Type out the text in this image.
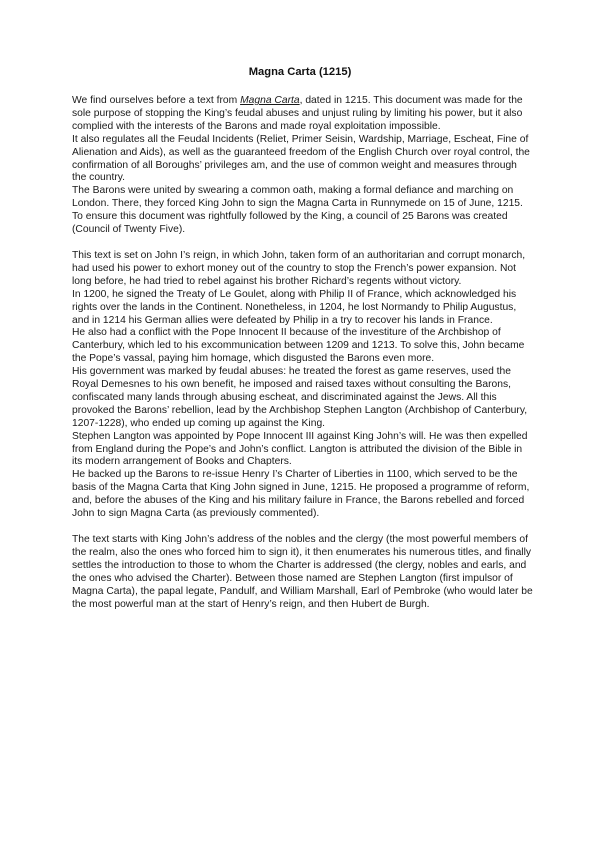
Magna Carta (1215)

We find ourselves before a text from Magna Carta, dated in 1215. This document was made for the sole purpose of stopping the King’s feudal abuses and unjust ruling by limiting his power, but it also complied with the interests of the Barons and made royal exploitation impossible.

It also regulates all the Feudal Incidents (Reliet, Primer Seisin, Wardship, Marriage, Escheat, Fine of Alienation and Aids), as well as the guaranteed freedom of the English Church over royal control, the confirmation of all Boroughs’ privileges am, and the use of common weight and measures through the country.

The Barons were united by swearing a common oath, making a formal defiance and marching on London. There, they forced King John to sign the Magna Carta in Runnymede on 15 of June, 1215.

To ensure this document was rightfully followed by the King, a council of 25 Barons was created (Council of Twenty Five).

This text is set on John I’s reign, in which John, taken form of an authoritarian and corrupt monarch, had used his power to exhort money out of the country to stop the French’s power expansion. Not long before, he had tried to rebel against his brother Richard’s regents without victory.

In 1200, he signed the Treaty of Le Goulet, along with Philip II of France, which acknowledged his rights over the lands in the Continent. Nonetheless, in 1204, he lost Normandy to Philip Augustus, and in 1214 his German allies were defeated by Philip in a try to recover his lands in France.

He also had a conflict with the Pope Innocent II because of the investiture of the Archbishop of Canterbury, which led to his excommunication between 1209 and 1213. To solve this, John became the Pope’s vassal, paying him homage, which disgusted the Barons even more.

His government was marked by feudal abuses: he treated the forest as game reserves, used the Royal Demesnes to his own benefit, he imposed and raised taxes without consulting the Barons, confiscated many lands through abusing escheat, and discriminated against the Jews. All this provoked the Barons’ rebellion, lead by the Archbishop Stephen Langton (Archbishop of Canterbury, 1207-1228), who ended up coming up against the King.

Stephen Langton was appointed by Pope Innocent III against King John’s will. He was then expelled from England during the Pope’s and John’s conflict. Langton is attributed the division of the Bible in its modern arrangement of Books and Chapters.

He backed up the Barons to re-issue Henry I’s Charter of Liberties in 1100, which served to be the basis of the Magna Carta that King John signed in June, 1215. He proposed a programme of reform, and, before the abuses of the King and his military failure in France, the Barons rebelled and forced John to sign Magna Carta (as previously commented).

The text starts with King John’s address of the nobles and the clergy (the most powerful members of the realm, also the ones who forced him to sign it), it then enumerates his numerous titles, and finally settles the introduction to those to whom the Charter is addressed (the clergy, nobles and earls, and the ones who advised the Charter). Between those named are Stephen Langton (first impulsor of Magna Carta), the papal legate, Pandulf, and William Marshall, Earl of Pembroke (who would later be the most powerful man at the start of Henry’s reign, and then Hubert de Burgh.
